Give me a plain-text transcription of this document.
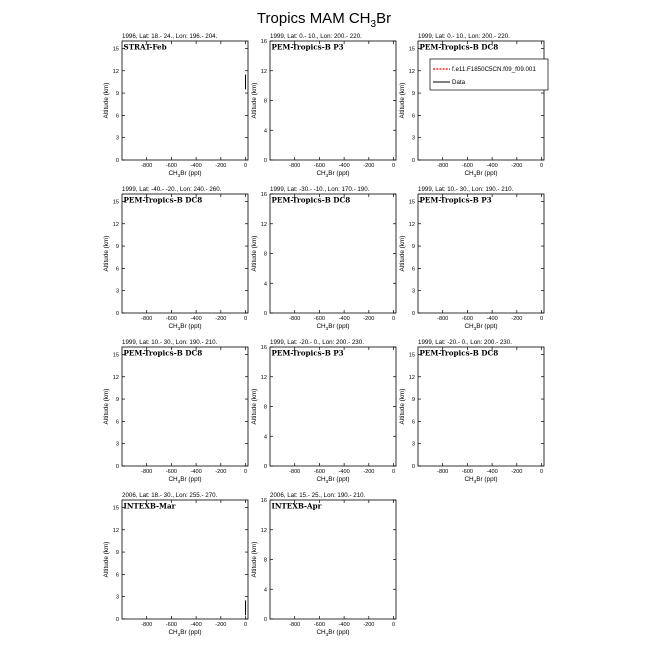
Tropics MAM $CH_3Br$
1996, Lat: 18.- 24., Lon: 196.- 204.
STRAT-Feb
-800 -600 -400 -200	0
0
3
6
9
12
15
$CH_3Br$ (ppt)
Altitude (km)
1999, Lat: 0.- 10., Lon: 200.- 220.
PEM-Tropics-B P3
-800 -600 -400 -200	0
0
4
8
12
16
$CH_3Br$ (ppt)
Altitude (km)
1999, Lat: 0.- 10., Lon: 200.- 220.
PEM-Tropics-B DC8
-800 -600 -400 -200	0
0
3
6
9
12
15
$CH_3Br$ (ppt)
Altitude (km)
f.e11.F1850C5CN.f09_f09.001
Data
1999, Lat: -40.- -20., Lon: 240.- 260.
PEM-Tropics-B DC8
-800 -600 -400 -200	0
0
3
6
9
12
15
$CH_3Br$ (ppt)
Altitude (km)
1999, Lat: -30.- -10., Lon: 170.- 190.
PEM-Tropics-B DC8
-800 -600 -400 -200	0
0
4
8
12
16
$CH_3Br$ (ppt)
Altitude (km)
1999, Lat: 10.- 30., Lon: 190.- 210.
PEM-Tropics-B P3
-800 -600 -400 -200	0
0
3
6
9
12
15
$CH_3Br$ (ppt)
Altitude (km)
1999, Lat: 10.- 30., Lon: 190.- 210.
PEM-Tropics-B DC8
-800 -600 -400 -200	0
0
3
6
9
12
15
$CH_3Br$ (ppt)
Altitude (km)
1999, Lat: -20.- 0., Lon: 200.- 230.
PEM-Tropics-B P3
-800 -600 -400 -200	0
0
4
8
12
16
$CH_3Br$ (ppt)
Altitude (km)
1999, Lat: -20.- 0., Lon: 200.- 230.
PEM-Tropics-B DC8
-800 -600 -400 -200	0
0
3
6
9
12
15
$CH_3Br$ (ppt)
Altitude (km)
2006, Lat: 18.- 30., Lon: 255.- 270.
INTEXB-Mar
-800 -600 -400 -200	0
0
3
6
9
12
15
$CH_3Br$ (ppt)
Altitude (km)
2006, Lat: 15.- 25., Lon: 190.- 210.
INTEXB-Apr
-800 -600 -400 -200	0
0
4
8
12
16
$CH_3Br$ (ppt)
Altitude (km)
